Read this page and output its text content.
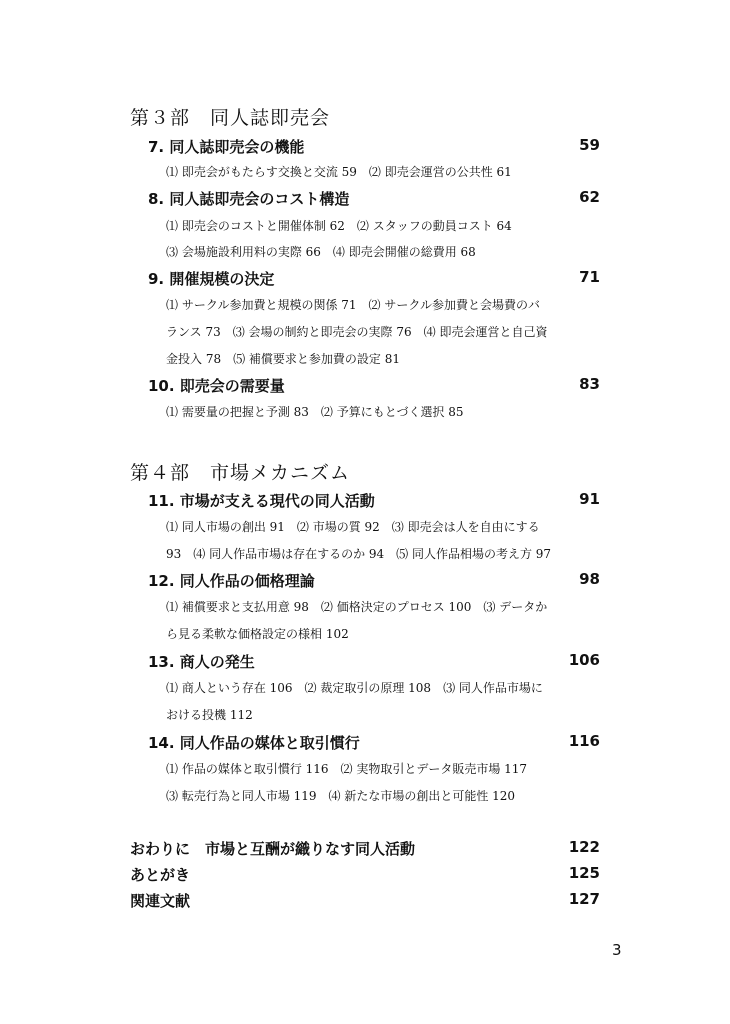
第３部　同人誌即売会
7. 同人誌即売会の機能	59
⑴ 即売会がもたらす交換と交流 59　⑵ 即売会運営の公共性 61
8. 同人誌即売会のコスト構造	62
⑴ 即売会のコストと開催体制 62　⑵ スタッフの動員コスト 64
⑶ 会場施設利用料の実際 66　⑷ 即売会開催の総費用 68
9. 開催規模の決定	71
⑴ サークル参加費と規模の関係 71　⑵ サークル参加費と会場費のバ
ランス 73　⑶ 会場の制約と即売会の実際 76　⑷ 即売会運営と自己資
金投入 78　⑸ 補償要求と参加費の設定 81
10. 即売会の需要量	83
⑴ 需要量の把握と予測 83　⑵ 予算にもとづく選択 85
第４部　市場メカニズム
11. 市場が支える現代の同人活動	91
⑴ 同人市場の創出 91　⑵ 市場の質 92　⑶ 即売会は人を自由にする
93　⑷ 同人作品市場は存在するのか 94　⑸ 同人作品相場の考え方 97
12. 同人作品の価格理論	98
⑴ 補償要求と支払用意 98　⑵ 価格決定のプロセス 100　⑶ データか
ら見る柔軟な価格設定の様相 102
13. 商人の発生	106
⑴ 商人という存在 106　⑵ 裁定取引の原理 108　⑶ 同人作品市場に
おける投機 112
14. 同人作品の媒体と取引慣行	116
⑴ 作品の媒体と取引慣行 116　⑵ 実物取引とデータ販売市場 117
⑶ 転売行為と同人市場 119　⑷ 新たな市場の創出と可能性 120
おわりに　市場と互酬が織りなす同人活動	122
あとがき	125
関連文献	127
3
